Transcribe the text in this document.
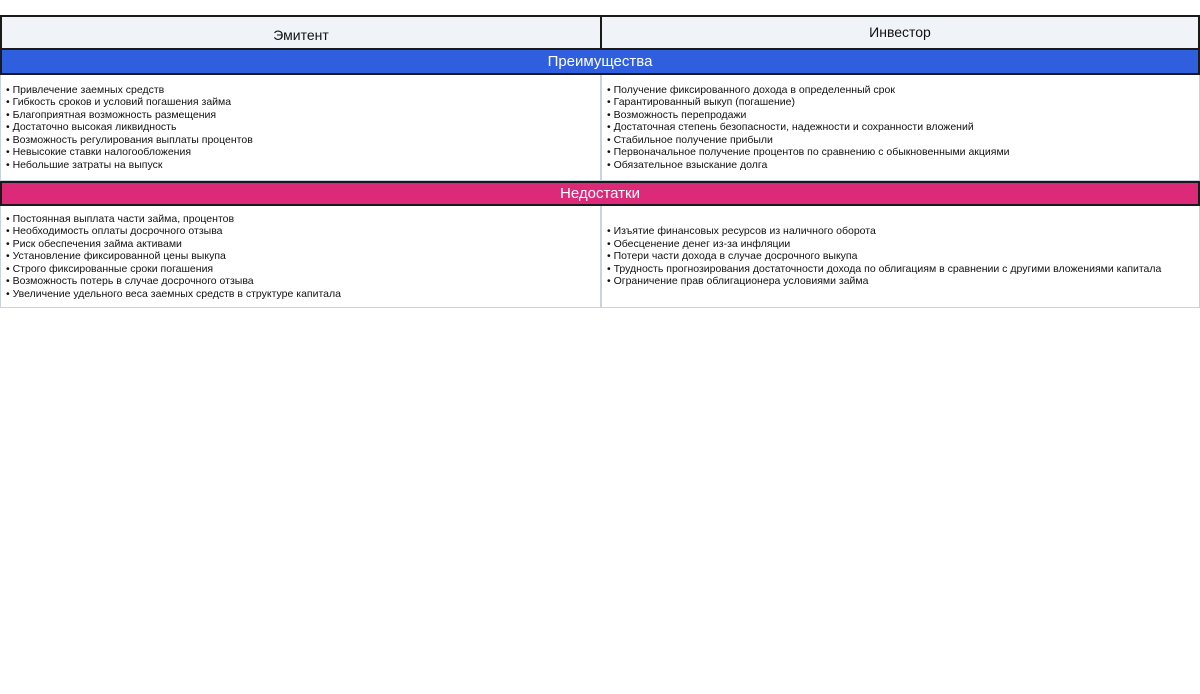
Эмитент	Инвестор
Преимущества
• Привлечение заемных средств
• Гибкость сроков и условий погашения займа
• Благоприятная возможность размещения
• Достаточно высокая ликвидность
• Возможность регулирования выплаты процентов
• Невысокие ставки налогообложения
• Небольшие затраты на выпуск
• Получение фиксированного дохода в определенный срок
• Гарантированный выкуп (погашение)
• Возможность перепродажи
• Достаточная степень безопасности, надежности и сохранности вложений
• Стабильное получение прибыли
• Первоначальное получение процентов по сравнению с обыкновенными акциями
• Обязательное взыскание долга
Недостатки
• Постоянная выплата части займа, процентов
• Необходимость оплаты досрочного отзыва
• Риск обеспечения займа активами
• Установление фиксированной цены выкупа
• Строго фиксированные сроки погашения
• Возможность потерь в случае досрочного отзыва
• Увеличение удельного веса заемных средств в структуре капитала
• Изъятие финансовых ресурсов из наличного оборота
• Обесценение денег из-за инфляции
• Потери части дохода в случае досрочного выкупа
• Трудность прогнозирования достаточности дохода по облигациям в сравнении с другими вложениями капитала
• Ограничение прав облигационера условиями займа
